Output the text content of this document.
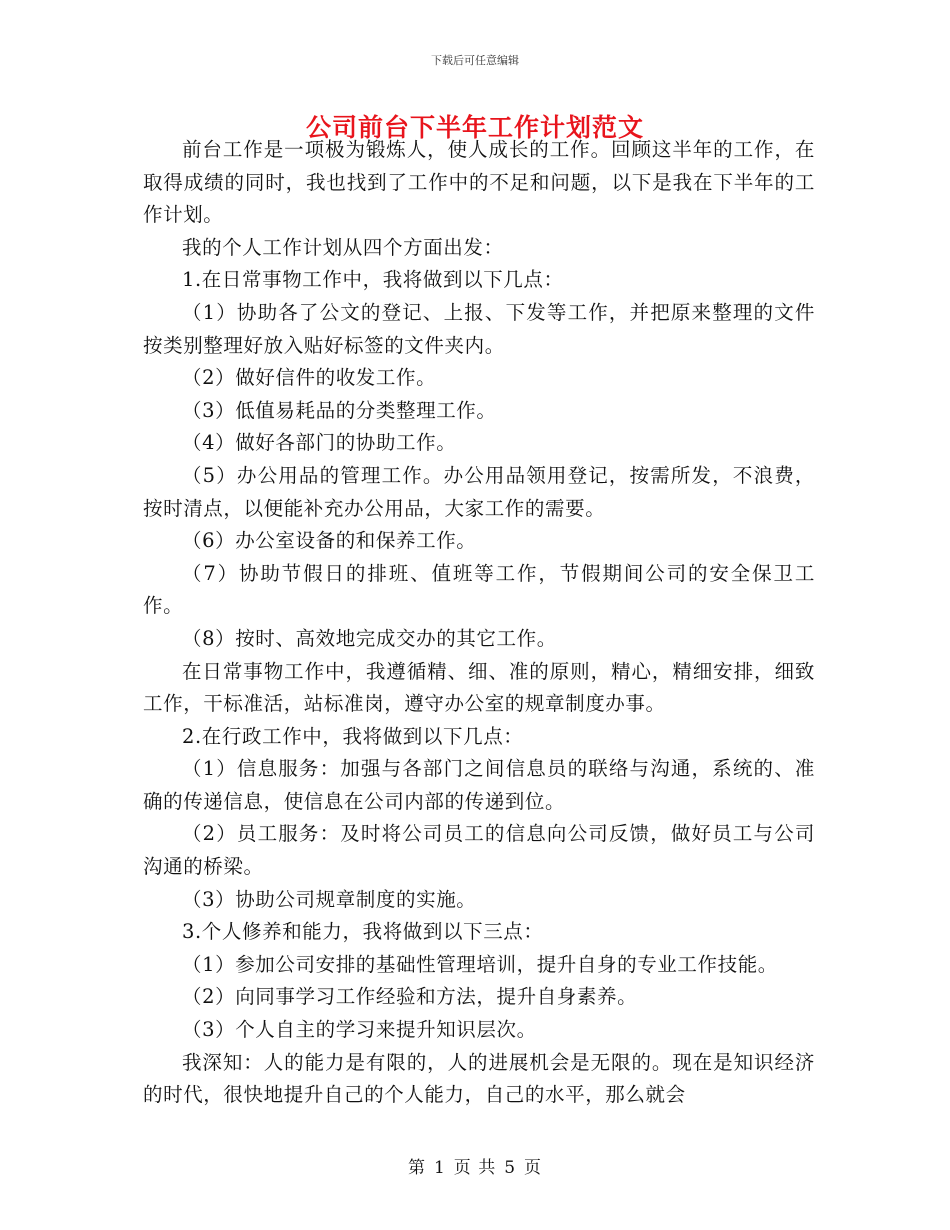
下载后可任意编辑
公司前台下半年工作计划范文

前台工作是一项极为锻炼人，使人成长的工作。回顾这半年的工作，在取得成绩的同时，我也找到了工作中的不足和问题，以下是我在下半年的工作计划。

我的个人工作计划从四个方面出发：

1.在日常事物工作中，我将做到以下几点：

（1）协助各了公文的登记、上报、下发等工作，并把原来整理的文件按类别整理好放入贴好标签的文件夹内。

（2）做好信件的收发工作。

（3）低值易耗品的分类整理工作。

（4）做好各部门的协助工作。

（5）办公用品的管理工作。办公用品领用登记，按需所发，不浪费，按时清点，以便能补充办公用品，大家工作的需要。

（6）办公室设备的和保养工作。

（7）协助节假日的排班、值班等工作，节假期间公司的安全保卫工作。

（8）按时、高效地完成交办的其它工作。

在日常事物工作中，我遵循精、细、准的原则，精心，精细安排，细致工作，干标准活，站标准岗，遵守办公室的规章制度办事。

2.在行政工作中，我将做到以下几点：

（1）信息服务：加强与各部门之间信息员的联络与沟通，系统的、准确的传递信息，使信息在公司内部的传递到位。

（2）员工服务：及时将公司员工的信息向公司反馈，做好员工与公司沟通的桥梁。

（3）协助公司规章制度的实施。

3.个人修养和能力，我将做到以下三点：

（1）参加公司安排的基础性管理培训，提升自身的专业工作技能。

（2）向同事学习工作经验和方法，提升自身素养。

（3）个人自主的学习来提升知识层次。

我深知：人的能力是有限的，人的进展机会是无限的。现在是知识经济的时代，很快地提升自己的个人能力，自己的水平，那么就会

第 1 页 共 5 页
